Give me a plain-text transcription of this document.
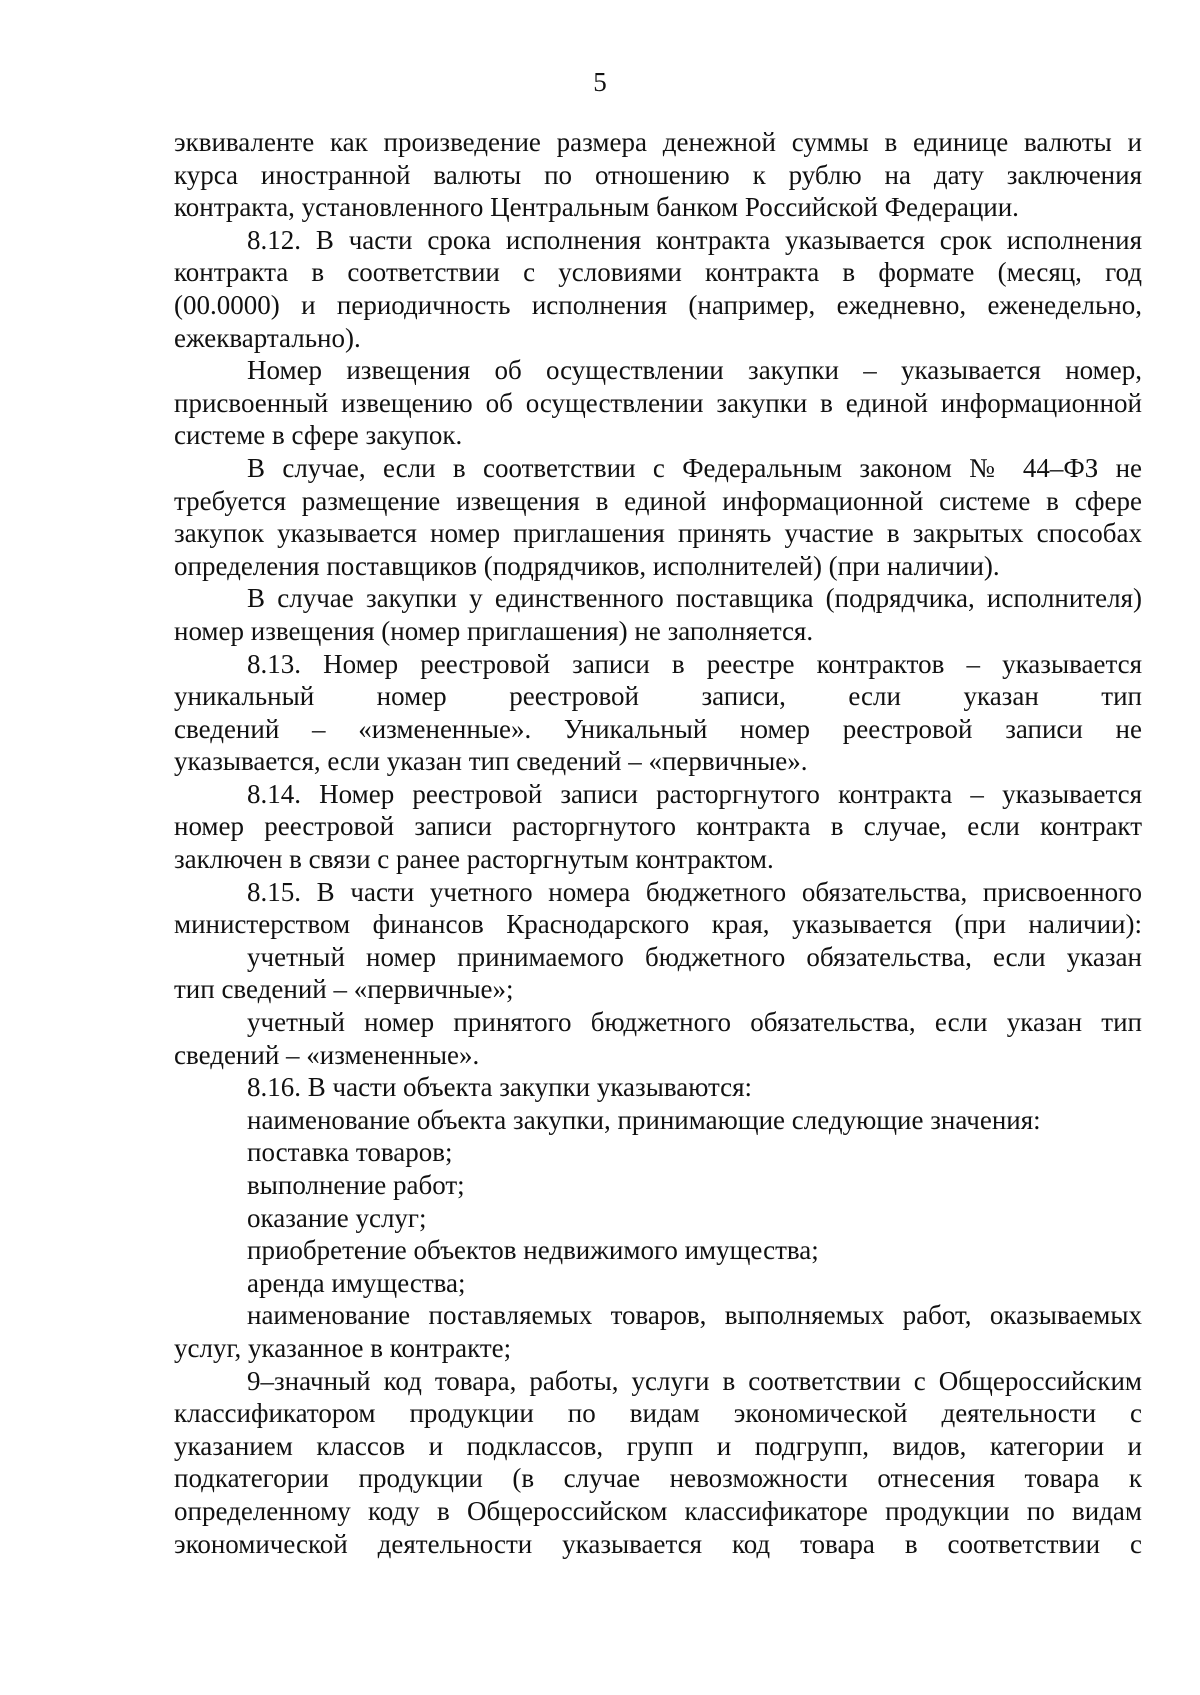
5
эквиваленте как произведение размера денежной суммы в единице валюты и
курса иностранной валюты по отношению к рублю на дату заключения
контракта, установленного Центральным банком Российской Федерации.
8.12. В части срока исполнения контракта указывается срок исполнения
контракта в соответствии с условиями контракта в формате (месяц, год
(00.0000) и периодичность исполнения (например, ежедневно, еженедельно,
ежеквартально).
Номер извещения об осуществлении закупки – указывается номер,
присвоенный извещению об осуществлении закупки в единой информационной
системе в сфере закупок.
В случае, если в соответствии с Федеральным законом № 44–ФЗ не
требуется размещение извещения в единой информационной системе в сфере
закупок указывается номер приглашения принять участие в закрытых способах
определения поставщиков (подрядчиков, исполнителей) (при наличии).
В случае закупки у единственного поставщика (подрядчика, исполнителя)
номер извещения (номер приглашения) не заполняется.
8.13. Номер реестровой записи в реестре контрактов – указывается
уникальный номер реестровой записи, если указан тип
сведений – «измененные». Уникальный номер реестровой записи не
указывается, если указан тип сведений – «первичные».
8.14. Номер реестровой записи расторгнутого контракта – указывается
номер реестровой записи расторгнутого контракта в случае, если контракт
заключен в связи с ранее расторгнутым контрактом.
8.15. В части учетного номера бюджетного обязательства, присвоенного
министерством финансов Краснодарского края, указывается (при наличии):
учетный номер принимаемого бюджетного обязательства, если указан
тип сведений – «первичные»;
учетный номер принятого бюджетного обязательства, если указан тип
сведений – «измененные».
8.16. В части объекта закупки указываются:
наименование объекта закупки, принимающие следующие значения:
поставка товаров;
выполнение работ;
оказание услуг;
приобретение объектов недвижимого имущества;
аренда имущества;
наименование поставляемых товаров, выполняемых работ, оказываемых
услуг, указанное в контракте;
9–значный код товара, работы, услуги в соответствии с Общероссийским
классификатором продукции по видам экономической деятельности с
указанием классов и подклассов, групп и подгрупп, видов, категории и
подкатегории продукции (в случае невозможности отнесения товара к
определенному коду в Общероссийском классификаторе продукции по видам
экономической деятельности указывается код товара в соответствии с
